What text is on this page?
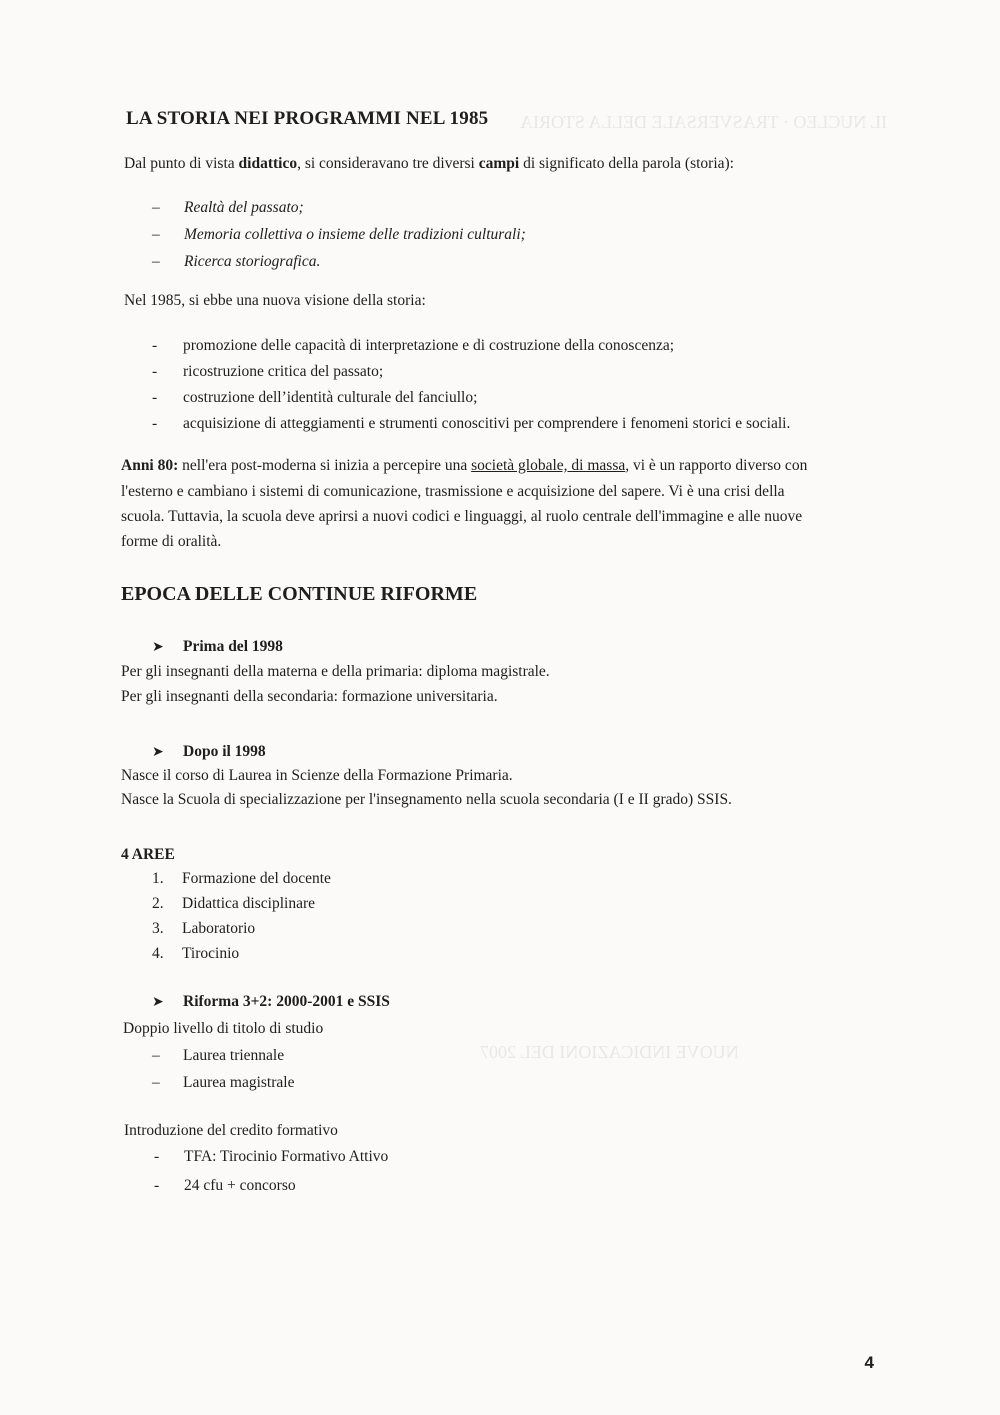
IL NUCLEO · TRASVERSALE DELLA STORIA
NUOVE INDICAZIONI DEL 2007
LA STORIA NEI PROGRAMMI NEL 1985
Dal punto di vista didattico, si consideravano tre diversi campi di significato della parola (storia):
– Realtà del passato;
– Memoria collettiva o insieme delle tradizioni culturali;
– Ricerca storiografica.
Nel 1985, si ebbe una nuova visione della storia:
- promozione delle capacità di interpretazione e di costruzione della conoscenza;
- ricostruzione critica del passato;
- costruzione dell’identità culturale del fanciullo;
- acquisizione di atteggiamenti e strumenti conoscitivi per comprendere i fenomeni storici e sociali.
Anni 80: nell'era post-moderna si inizia a percepire una società globale, di massa, vi è un rapporto diverso con
l'esterno e cambiano i sistemi di comunicazione, trasmissione e acquisizione del sapere. Vi è una crisi della
scuola. Tuttavia, la scuola deve aprirsi a nuovi codici e linguaggi, al ruolo centrale dell'immagine e alle nuove
forme di oralità.
EPOCA DELLE CONTINUE RIFORME
➤ Prima del 1998
Per gli insegnanti della materna e della primaria: diploma magistrale.
Per gli insegnanti della secondaria: formazione universitaria.
➤ Dopo il 1998
Nasce il corso di Laurea in Scienze della Formazione Primaria.
Nasce la Scuola di specializzazione per l'insegnamento nella scuola secondaria (I e II grado) SSIS.
4 AREE
1. Formazione del docente
2. Didattica disciplinare
3. Laboratorio
4. Tirocinio
➤ Riforma 3+2: 2000-2001 e SSIS
Doppio livello di titolo di studio
– Laurea triennale
– Laurea magistrale
Introduzione del credito formativo
- TFA: Tirocinio Formativo Attivo
- 24 cfu + concorso
4
